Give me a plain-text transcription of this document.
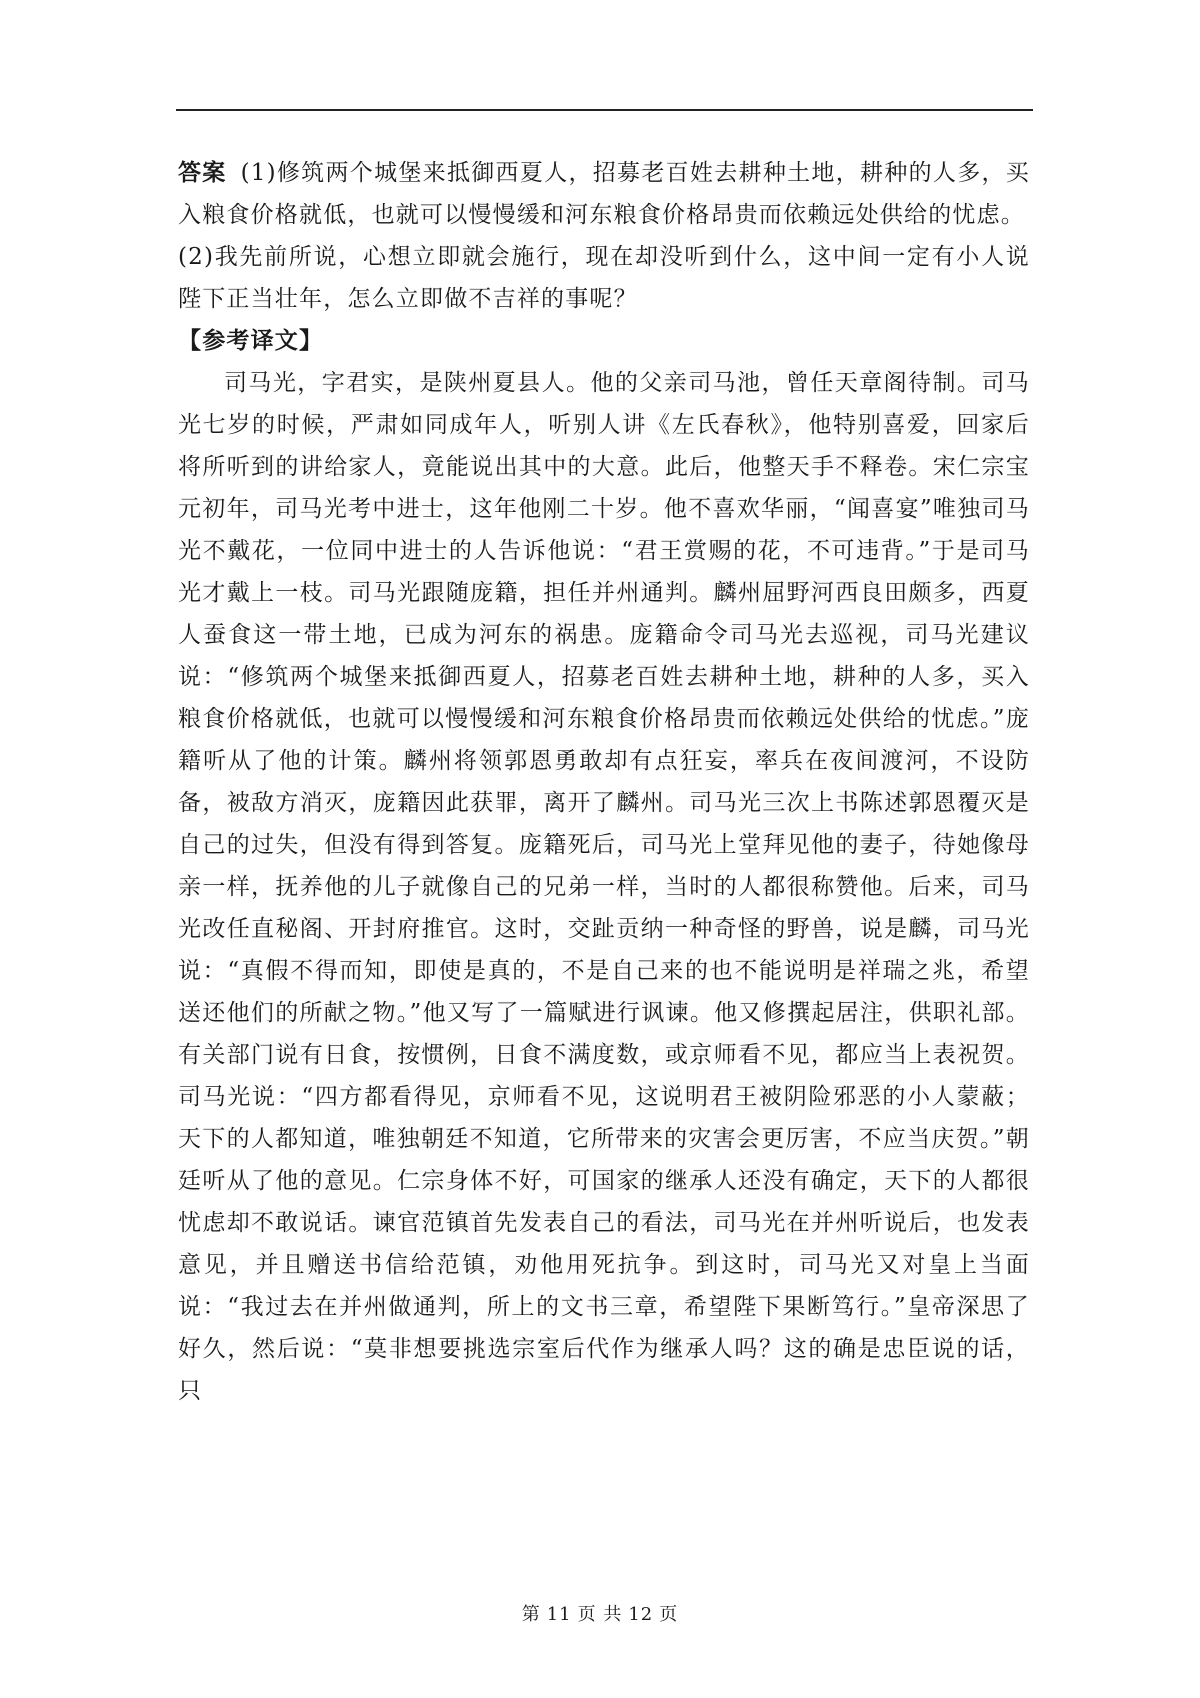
答案 (1)修筑两个城堡来抵御西夏人，招募老百姓去耕种土地，耕种的人多，买入粮食价格就低，也就可以慢慢缓和河东粮食价格昂贵而依赖远处供给的忧虑。
(2)我先前所说，心想立即就会施行，现在却没听到什么，这中间一定有小人说陛下正当壮年，怎么立即做不吉祥的事呢？
【参考译文】

司马光，字君实，是陕州夏县人。他的父亲司马池，曾任天章阁待制。司马光七岁的时候，严肃如同成年人，听别人讲《左氏春秋》，他特别喜爱，回家后将所听到的讲给家人，竟能说出其中的大意。此后，他整天手不释卷。宋仁宗宝元初年，司马光考中进士，这年他刚二十岁。他不喜欢华丽，“闻喜宴”唯独司马光不戴花，一位同中进士的人告诉他说：“君王赏赐的花，不可违背。”于是司马光才戴上一枝。司马光跟随庞籍，担任并州通判。麟州屈野河西良田颇多，西夏人蚕食这一带土地，已成为河东的祸患。庞籍命令司马光去巡视，司马光建议说：“修筑两个城堡来抵御西夏人，招募老百姓去耕种土地，耕种的人多，买入粮食价格就低，也就可以慢慢缓和河东粮食价格昂贵而依赖远处供给的忧虑。”庞籍听从了他的计策。麟州将领郭恩勇敢却有点狂妄，率兵在夜间渡河，不设防备，被敌方消灭，庞籍因此获罪，离开了麟州。司马光三次上书陈述郭恩覆灭是自己的过失，但没有得到答复。庞籍死后，司马光上堂拜见他的妻子，待她像母亲一样，抚养他的儿子就像自己的兄弟一样，当时的人都很称赞他。后来，司马光改任直秘阁、开封府推官。这时，交趾贡纳一种奇怪的野兽，说是麟，司马光说：“真假不得而知，即使是真的，不是自己来的也不能说明是祥瑞之兆，希望送还他们的所献之物。”他又写了一篇赋进行讽谏。他又修撰起居注，供职礼部。有关部门说有日食，按惯例，日食不满度数，或京师看不见，都应当上表祝贺。司马光说：“四方都看得见，京师看不见，这说明君王被阴险邪恶的小人蒙蔽；天下的人都知道，唯独朝廷不知道，它所带来的灾害会更厉害，不应当庆贺。”朝廷听从了他的意见。仁宗身体不好，可国家的继承人还没有确定，天下的人都很忧虑却不敢说话。谏官范镇首先发表自己的看法，司马光在并州听说后，也发表意见，并且赠送书信给范镇，劝他用死抗争。到这时，司马光又对皇上当面说：“我过去在并州做通判，所上的文书三章，希望陛下果断笃行。”皇帝深思了好久，然后说：“莫非想要挑选宗室后代作为继承人吗？这的确是忠臣说的话，只

第 11 页 共 12 页
